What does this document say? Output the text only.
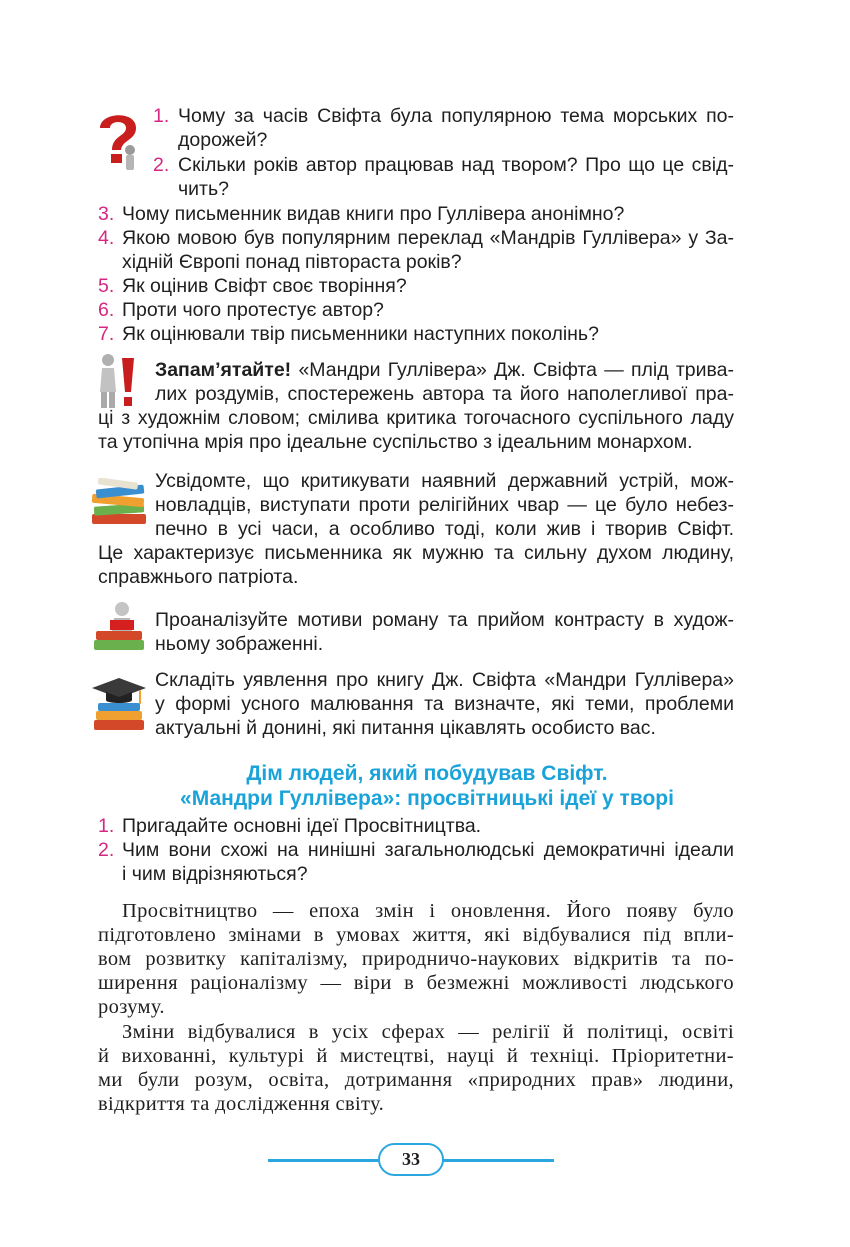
1. Чому за часів Свіфта була популярною тема морських по-
дорожей?
2. Скільки років автор працював над твором? Про що це свід-
чить?
3. Чому письменник видав книги про Гуллівера анонімно?
4. Якою мовою був популярним переклад «Мандрів Гуллівера» у За-
хідній Європі понад півтораста років?
5. Як оцінив Свіфт своє творіння?
6. Проти чого протестує автор?
7. Як оцінювали твір письменники наступних поколінь?
Запам’ятайте! «Мандри Гуллівера» Дж. Свіфта — плід трива-
лих роздумів, спостережень автора та його наполегливої пра-
ці з художнім словом; смілива критика тогочасного суспільного ладу
та утопічна мрія про ідеальне суспільство з ідеальним монархом.
Усвідомте, що критикувати наявний державний устрій, мож-
новладців, виступати проти релігійних чвар — це було небез-
печно в усі часи, а особливо тоді, коли жив і творив Свіфт.
Це характеризує письменника як мужню та сильну духом людину,
справжнього патріота.
Проаналізуйте мотиви роману та прийом контрасту в худож-
ньому зображенні.
Складіть уявлення про книгу Дж. Свіфта «Мандри Гуллівера»
у формі усного малювання та визначте, які теми, проблеми
актуальні й донині, які питання цікавлять особисто вас.
Дім людей, який побудував Свіфт.
«Мандри Гуллівера»: просвітницькі ідеї у творі
1. Пригадайте основні ідеї Просвітництва.
2. Чим вони схожі на нинішні загальнолюдські демократичні ідеали
і чим відрізняються?
Просвітництво — епоха змін і оновлення. Його появу було
підготовлено змінами в умовах життя, які відбувалися під впли-
вом розвитку капіталізму, природничо-наукових відкритів та по-
ширення раціоналізму — віри в безмежні можливості людського
розуму.
Зміни відбувалися в усіх сферах — релігії й політиці, освіті
й вихованні, культурі й мистецтві, науці й техніці. Пріоритетни-
ми були розум, освіта, дотримання «природних прав» людини,
відкриття та дослідження світу.
33
